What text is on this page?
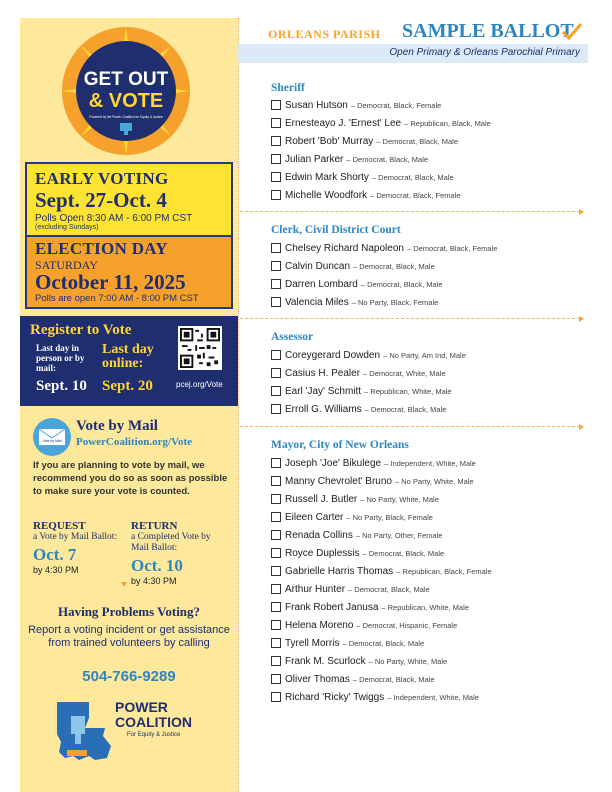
GET OUT
& VOTE
Powered by the Power Coalition for Equity & Justice
EARLY VOTING
Sept. 27-Oct. 4
Polls Open 8:30 AM - 6:00 PM CST
(excluding Sundays)
ELECTION DAY
SATURDAY
October 11, 2025
Polls are open 7:00 AM - 8:00 PM CST
Register to Vote
Last day in person or by mail:
Last day online:
Sept. 10 Sept. 20	pcej.org/Vote
Vote by Mail
Vote by Mail
PowerCoalition.org/Vote
If you are planning to vote by mail, we recommend you do so as soon as possible to make sure your vote is counted.
REQUEST
a Vote by Mail Ballot:
Oct. 7
by 4:30 PM
RETURN
a Completed Vote by Mail Ballot:
Oct. 10
by 4:30 PM
Having Problems Voting?
Report a voting incident or get assistance from trained volunteers by calling
504-766-9289
POWER
COALITION
For Equity & Justice
ORLEANS PARISH SAMPLE BALLOT
Open Primary & Orleans Parochial Primary
Sheriff
Susan Hutson – Democrat, Black, Female
Ernesteayo J. 'Ernest' Lee – Republican, Black, Male
Robert 'Bob' Murray – Democrat, Black, Male
Julian Parker – Democrat, Black, Male
Edwin Mark Shorty – Democrat, Black, Male
Michelle Woodfork – Democrat, Black, Female
Clerk, Civil District Court
Chelsey Richard Napoleon – Democrat, Black, Female
Calvin Duncan – Democrat, Black, Male
Darren Lombard – Democrat, Black, Male
Valencia Miles – No Party, Black, Female
Assessor
Coreygerard Dowden – No Party, Am Ind, Male
Casius H. Pealer – Democrat, White, Male
Earl 'Jay' Schmitt – Republican, White, Male
Erroll G. Williams – Democrat, Black, Male
Mayor, City of New Orleans
Joseph 'Joe' Bikulege – Independent, White, Male
Manny Chevrolet' Bruno – No Party, White, Male
Russell J. Butler – No Party, White, Male
Eileen Carter – No Party, Black, Female
Renada Collins – No Party, Other, Female
Royce Duplessis – Democrat, Black, Male
Gabrielle Harris Thomas – Republican, Black, Female
Arthur Hunter – Democrat, Black, Male
Frank Robert Janusa – Republican, White, Male
Helena Moreno – Democrat, Hispanic, Female
Tyrell Morris – Democrat, Black, Male
Frank M. Scurlock – No Party, White, Male
Oliver Thomas – Democrat, Black, Male
Richard 'Ricky' Twiggs – Independent, White, Male
